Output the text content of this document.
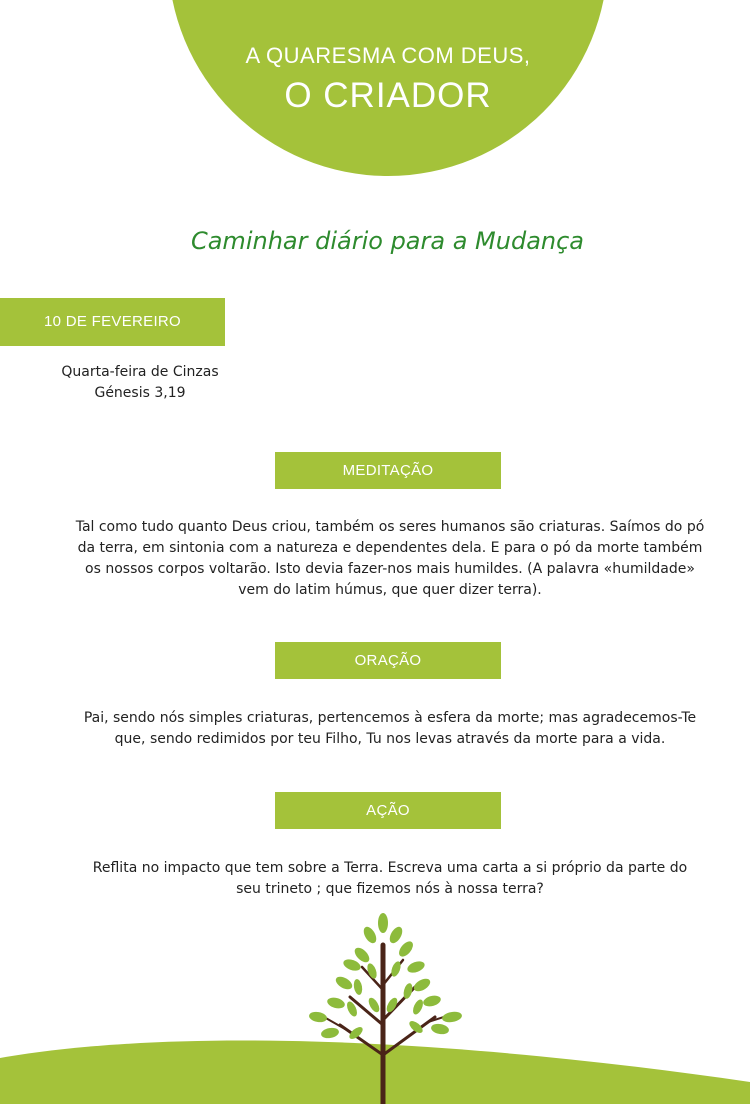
A QUARESMA COM DEUS,
O CRIADOR
Caminhar diário para a Mudança
10 DE FEVEREIRO
Quarta-feira de Cinzas
Génesis 3,19
MEDITAÇÃO
Tal como tudo quanto Deus criou, também os seres humanos são criaturas. Saímos do pó da terra, em sintonia com a natureza e dependentes dela. E para o pó da morte também os nossos corpos voltarão. Isto devia fazer-nos mais humildes. (A palavra «humildade» vem do latim húmus, que quer dizer terra).
ORAÇÃO
Pai, sendo nós simples criaturas, pertencemos à esfera da morte; mas agradecemos-Te que, sendo redimidos por teu Filho, Tu nos levas através da morte para a vida.
AÇÃO
Reflita no impacto que tem sobre a Terra. Escreva uma carta a si próprio da parte do seu trineto ; que fizemos nós à nossa terra?
